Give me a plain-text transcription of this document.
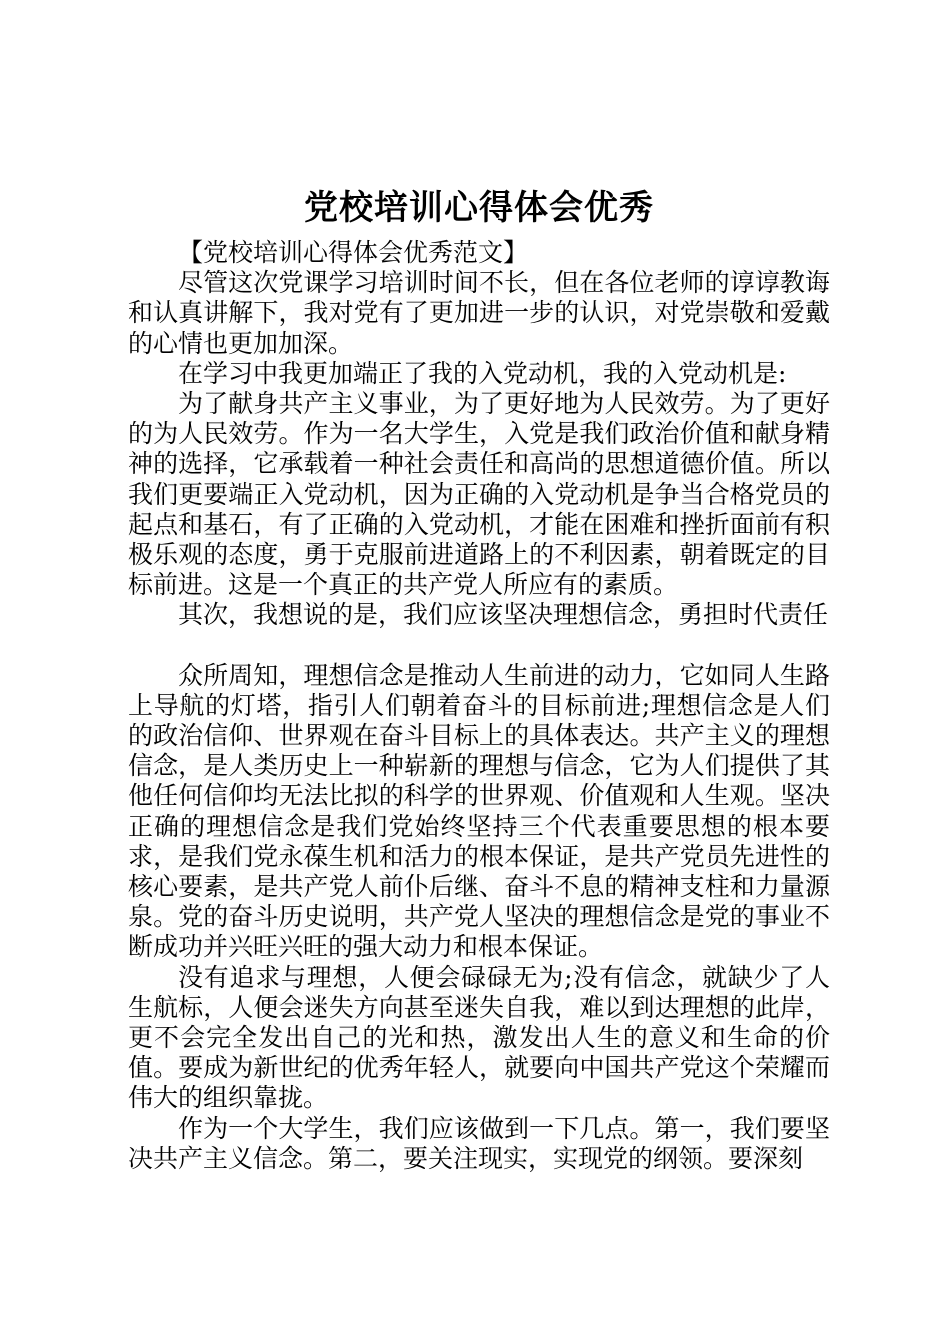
党校培训心得体会优秀

【党校培训心得体会优秀范文】

尽管这次党课学习培训时间不长，但在各位老师的谆谆教诲和认真讲解下，我对党有了更加进一步的认识，对党崇敬和爱戴的心情也更加加深。

在学习中我更加端正了我的入党动机，我的入党动机是:

为了献身共产主义事业，为了更好地为人民效劳。为了更好的为人民效劳。作为一名大学生，入党是我们政治价值和献身精神的选择，它承载着一种社会责任和高尚的思想道德价值。所以我们更要端正入党动机，因为正确的入党动机是争当合格党员的起点和基石，有了正确的入党动机，才能在困难和挫折面前有积极乐观的态度，勇于克服前进道路上的不利因素，朝着既定的目标前进。这是一个真正的共产党人所应有的素质。

其次，我想说的是，我们应该坚决理想信念，勇担时代责任

众所周知，理想信念是推动人生前进的动力，它如同人生路上导航的灯塔，指引人们朝着奋斗的目标前进;理想信念是人们的政治信仰、世界观在奋斗目标上的具体表达。共产主义的理想信念，是人类历史上一种崭新的理想与信念，它为人们提供了其他任何信仰均无法比拟的科学的世界观、价值观和人生观。坚决正确的理想信念是我们党始终坚持三个代表重要思想的根本要求，是我们党永葆生机和活力的根本保证，是共产党员先进性的核心要素，是共产党人前仆后继、奋斗不息的精神支柱和力量源泉。党的奋斗历史说明，共产党人坚决的理想信念是党的事业不断成功并兴旺兴旺的强大动力和根本保证。

没有追求与理想，人便会碌碌无为;没有信念，就缺少了人生航标，人便会迷失方向甚至迷失自我，难以到达理想的此岸，更不会完全发出自己的光和热，激发出人生的意义和生命的价值。要成为新世纪的优秀年轻人，就要向中国共产党这个荣耀而伟大的组织靠拢。

作为一个大学生，我们应该做到一下几点。第一，我们要坚决共产主义信念。第二，要关注现实，实现党的纲领。要深刻
